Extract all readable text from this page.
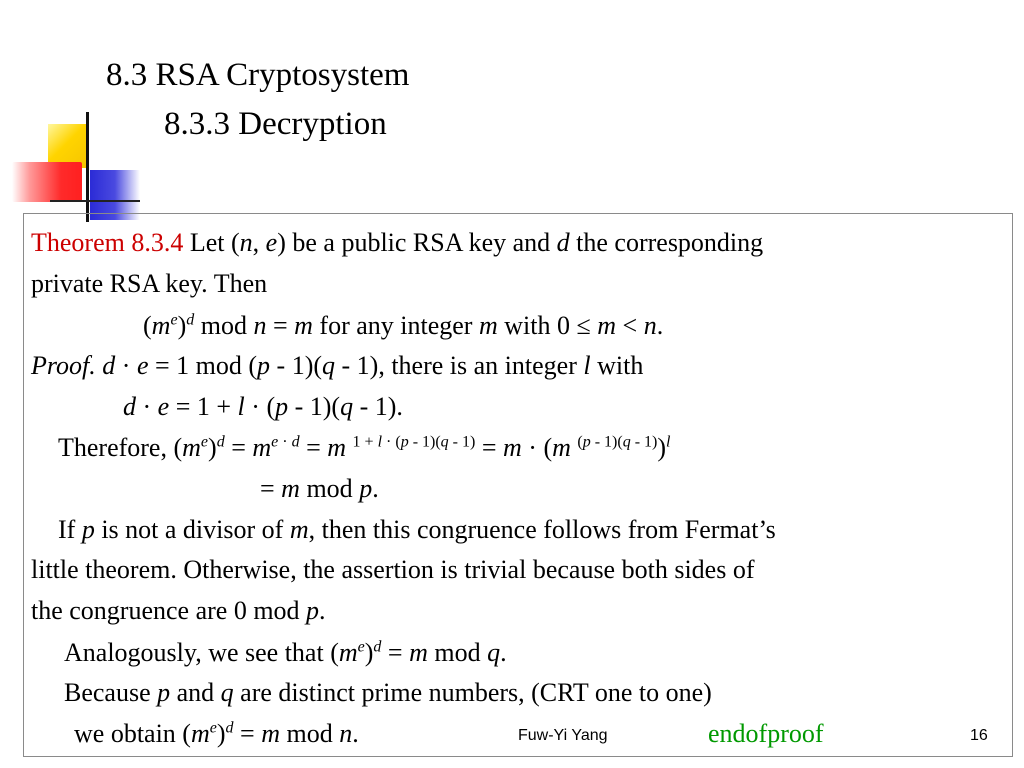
8.3 RSA Cryptosystem
8.3.3 Decryption
Theorem 8.3.4 Let (n, e) be a public RSA key and d the corresponding
private RSA key. Then
$(m^e)^d$ mod n = m for any integer m with 0 ≤ m < n.
Proof. d · e = 1 mod (p - 1)(q - 1), there is an integer l with
d · e = 1 + l · (p - 1)(q - 1).
Therefore, $(m^e)^d = m^{e \cdot d} = m$ $^{1 + l \cdot (p - 1)(q - 1)}$ = m · (m $^{(p - 1)(q - 1)}$)$^l$
= m mod p.
If p is not a divisor of m, then this congruence follows from Fermat’s
little theorem. Otherwise, the assertion is trivial because both sides of
the congruence are 0 mod p.
Analogously, we see that $(m^e)^d = m$ mod q.
Because p and q are distinct prime numbers, (CRT one to one)
we obtain $(m^e)^d = m$ mod n.	endofproof
Fuw-Yi Yang	16
